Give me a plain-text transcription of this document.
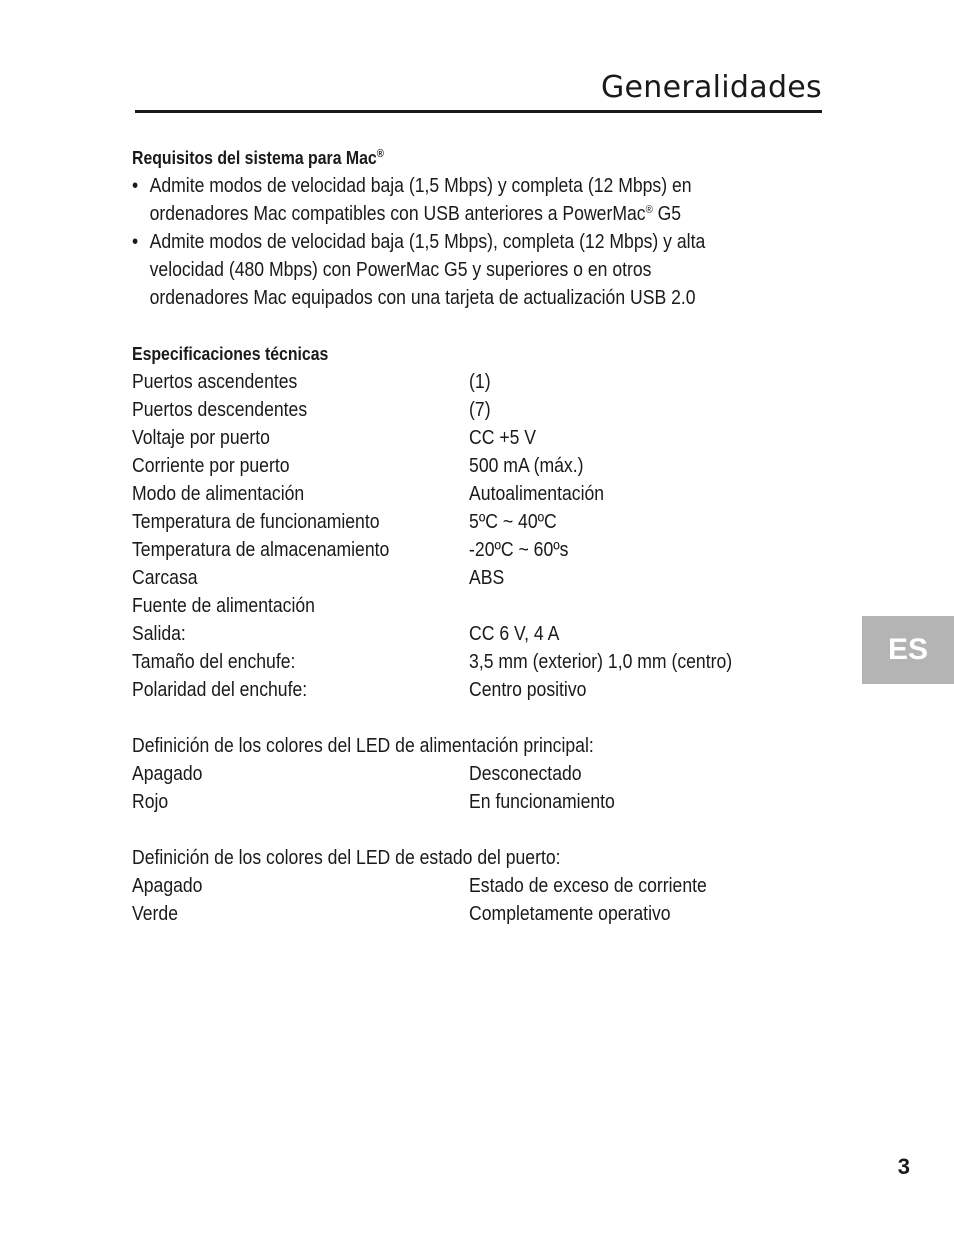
Generalidades
Requisitos del sistema para Mac®
• Admite modos de velocidad baja (1,5 Mbps) y completa (12 Mbps) en ordenadores Mac compatibles con USB anteriores a PowerMac® G5
• Admite modos de velocidad baja (1,5 Mbps), completa (12 Mbps) y alta velocidad (480 Mbps) con PowerMac G5 y superiores o en otros ordenadores Mac equipados con una tarjeta de actualización USB 2.0
Especificaciones técnicas
Puertos ascendentes	(1)
Puertos descendentes	(7)
Voltaje por puerto	CC +5 V
Corriente por puerto	500 mA (máx.)
Modo de alimentación	Autoalimentación
Temperatura de funcionamiento	5ºC ~ 40ºC
Temperatura de almacenamiento	-20ºC ~ 60ºs
Carcasa	ABS
Fuente de alimentación
Salida:	CC 6 V, 4 A
Tamaño del enchufe:	3,5 mm (exterior) 1,0 mm (centro)
Polaridad del enchufe:	Centro positivo
Definición de los colores del LED de alimentación principal:
Apagado	Desconectado
Rojo	En funcionamiento
Definición de los colores del LED de estado del puerto:
Apagado	Estado de exceso de corriente
Verde	Completamente operativo
ES
3
